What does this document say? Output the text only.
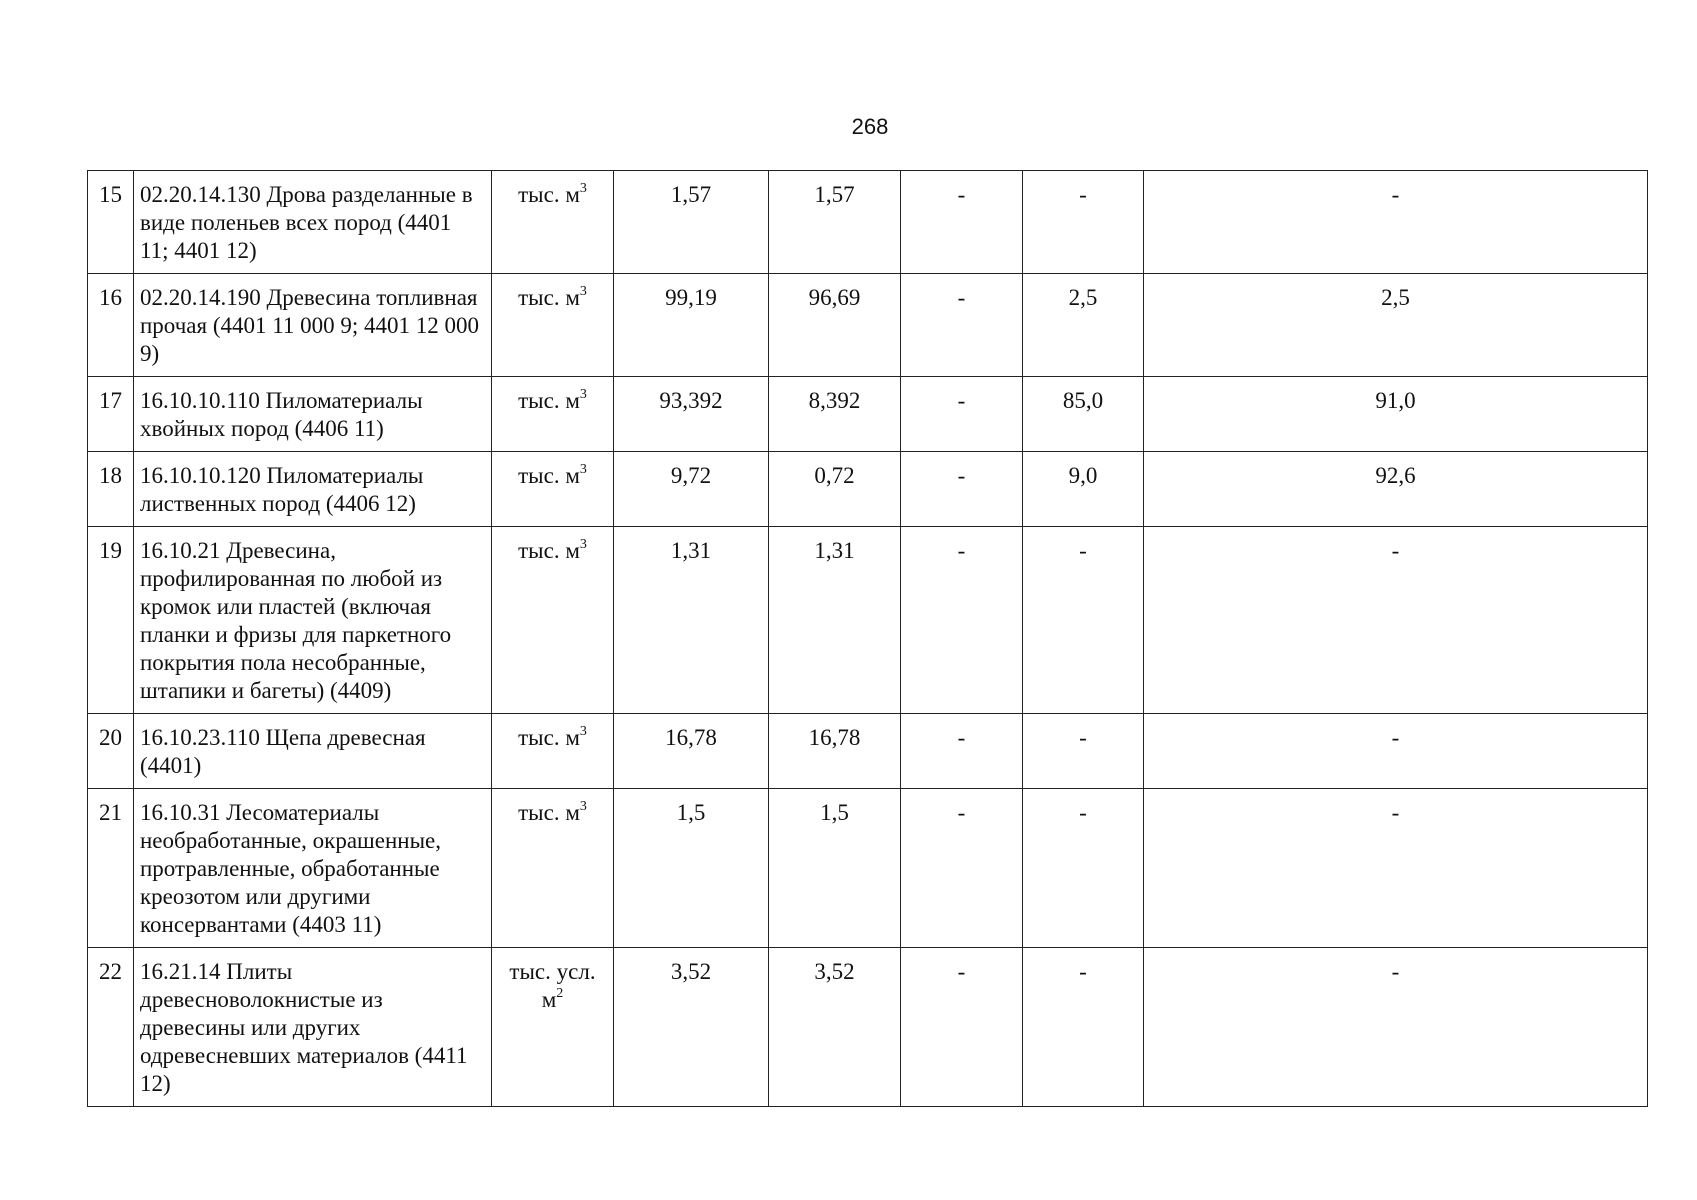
268
15	02.20.14.130 Дрова разделанные в виде поленьев всех пород (4401 11; 4401 12)	тыс. $м^3$	1,57	1,57	-	-	-
16	02.20.14.190 Древесина топливная прочая (4401 11 000 9; 4401 12 000 9)	тыс. $м^3$	99,19	96,69	-	2,5	2,5
17	16.10.10.110 Пиломатериалы хвойных пород (4406 11)	тыс. $м^3$	93,392	8,392	-	85,0	91,0
18	16.10.10.120 Пиломатериалы лиственных пород (4406 12)	тыс. $м^3$	9,72	0,72	-	9,0	92,6
19	16.10.21 Древесина, профилированная по любой из кромок или пластей (включая планки и фризы для паркетного покрытия пола несобранные, штапики и багеты) (4409)	тыс. $м^3$	1,31	1,31	-	-	-
20	16.10.23.110 Щепа древесная (4401)	тыс. $м^3$	16,78	16,78	-	-	-
21	16.10.31 Лесоматериалы необработанные, окрашенные, протравленные, обработанные креозотом или другими консервантами (4403 11)	тыс. $м^3$	1,5	1,5	-	-	-
22	16.21.14 Плиты древесноволокнистые из древесины или других одревесневших материалов (4411 12)	тыс. усл. $м^2$	3,52	3,52	-	-	-
